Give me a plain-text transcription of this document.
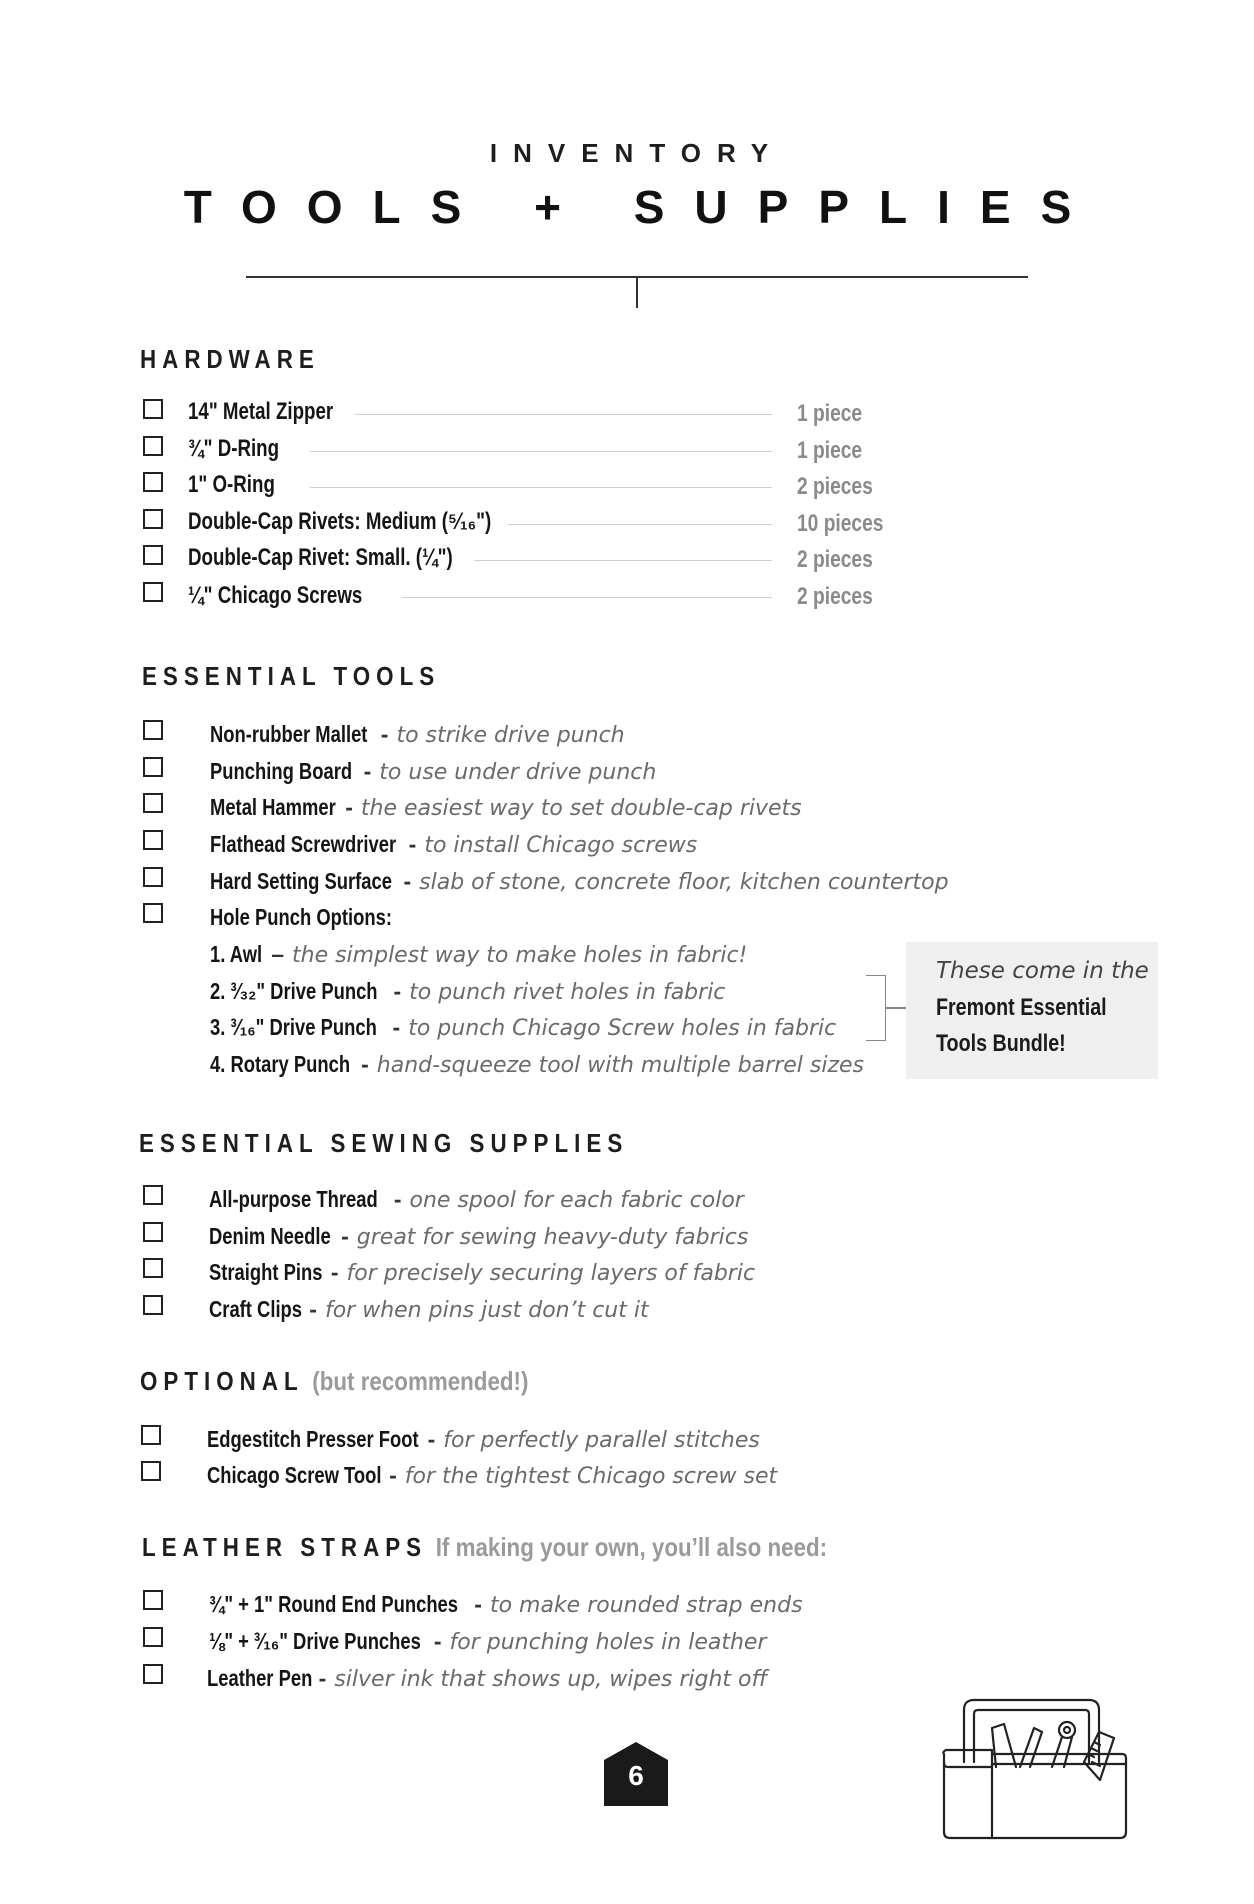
INVENTORY
TOOLS + SUPPLIES
HARDWARE
14" Metal Zipper	1 piece
¾" D-Ring	1 piece
1" O-Ring	2 pieces
Double-Cap Rivets: Medium (⁵⁄₁₆")	10 pieces
Double-Cap Rivet: Small. (¼")	2 pieces
¼" Chicago Screws	2 pieces
ESSENTIAL TOOLS
Non-rubber Mallet - to strike drive punch
Punching Board - to use under drive punch
Metal Hammer - the easiest way to set double-cap rivets
Flathead Screwdriver - to install Chicago screws
Hard Setting Surface - slab of stone, concrete floor, kitchen countertop
Hole Punch Options:
1. Awl – the simplest way to make holes in fabric!
2. ³⁄₃₂" Drive Punch - to punch rivet holes in fabric
3. ³⁄₁₆" Drive Punch - to punch Chicago Screw holes in fabric
4. Rotary Punch - hand-squeeze tool with multiple barrel sizes
These come in the
Fremont Essential
Tools Bundle!
ESSENTIAL SEWING SUPPLIES
All-purpose Thread - one spool for each fabric color
Denim Needle - great for sewing heavy-duty fabrics
Straight Pins - for precisely securing layers of fabric
Craft Clips - for when pins just don’t cut it
OPTIONAL (but recommended!)
Edgestitch Presser Foot - for perfectly parallel stitches
Chicago Screw Tool - for the tightest Chicago screw set
LEATHER STRAPS If making your own, you’ll also need:
¾" + 1" Round End Punches - to make rounded strap ends
⅛" + ³⁄₁₆" Drive Punches - for punching holes in leather
Leather Pen - silver ink that shows up, wipes right off
6
